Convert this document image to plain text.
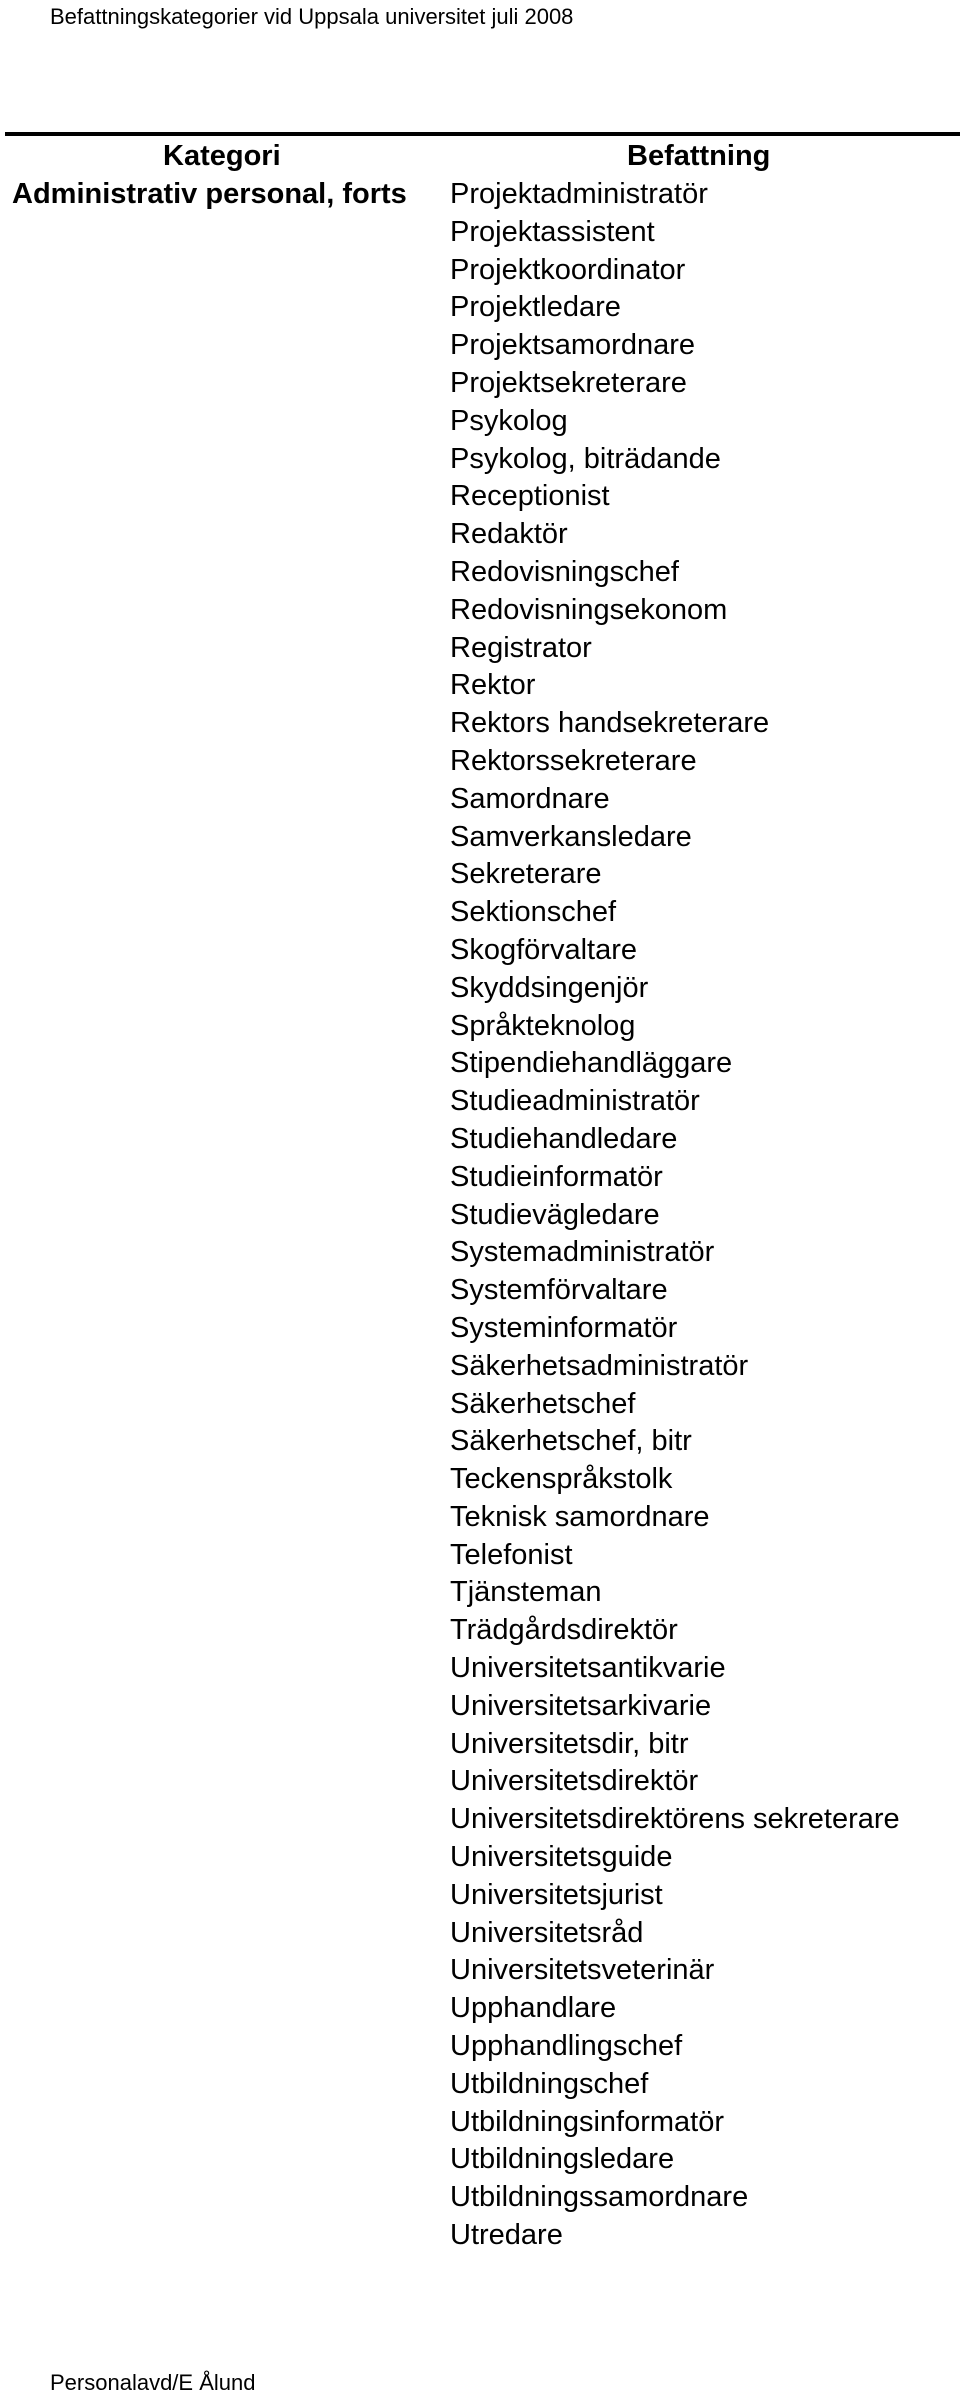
Befattningskategorier vid Uppsala universitet juli 2008
Kategori	Befattning
Administrativ personal, forts Projektadministratör
Projektassistent
Projektkoordinator
Projektledare
Projektsamordnare
Projektsekreterare
Psykolog
Psykolog, biträdande
Receptionist
Redaktör
Redovisningschef
Redovisningsekonom
Registrator
Rektor
Rektors handsekreterare
Rektorssekreterare
Samordnare
Samverkansledare
Sekreterare
Sektionschef
Skogförvaltare
Skyddsingenjör
Språkteknolog
Stipendiehandläggare
Studieadministratör
Studiehandledare
Studieinformatör
Studievägledare
Systemadministratör
Systemförvaltare
Systeminformatör
Säkerhetsadministratör
Säkerhetschef
Säkerhetschef, bitr
Teckenspråkstolk
Teknisk samordnare
Telefonist
Tjänsteman
Trädgårdsdirektör
Universitetsantikvarie
Universitetsarkivarie
Universitetsdir, bitr
Universitetsdirektör
Universitetsdirektörens sekreterare
Universitetsguide
Universitetsjurist
Universitetsråd
Universitetsveterinär
Upphandlare
Upphandlingschef
Utbildningschef
Utbildningsinformatör
Utbildningsledare
Utbildningssamordnare
Utredare
Personalavd/E Ålund
